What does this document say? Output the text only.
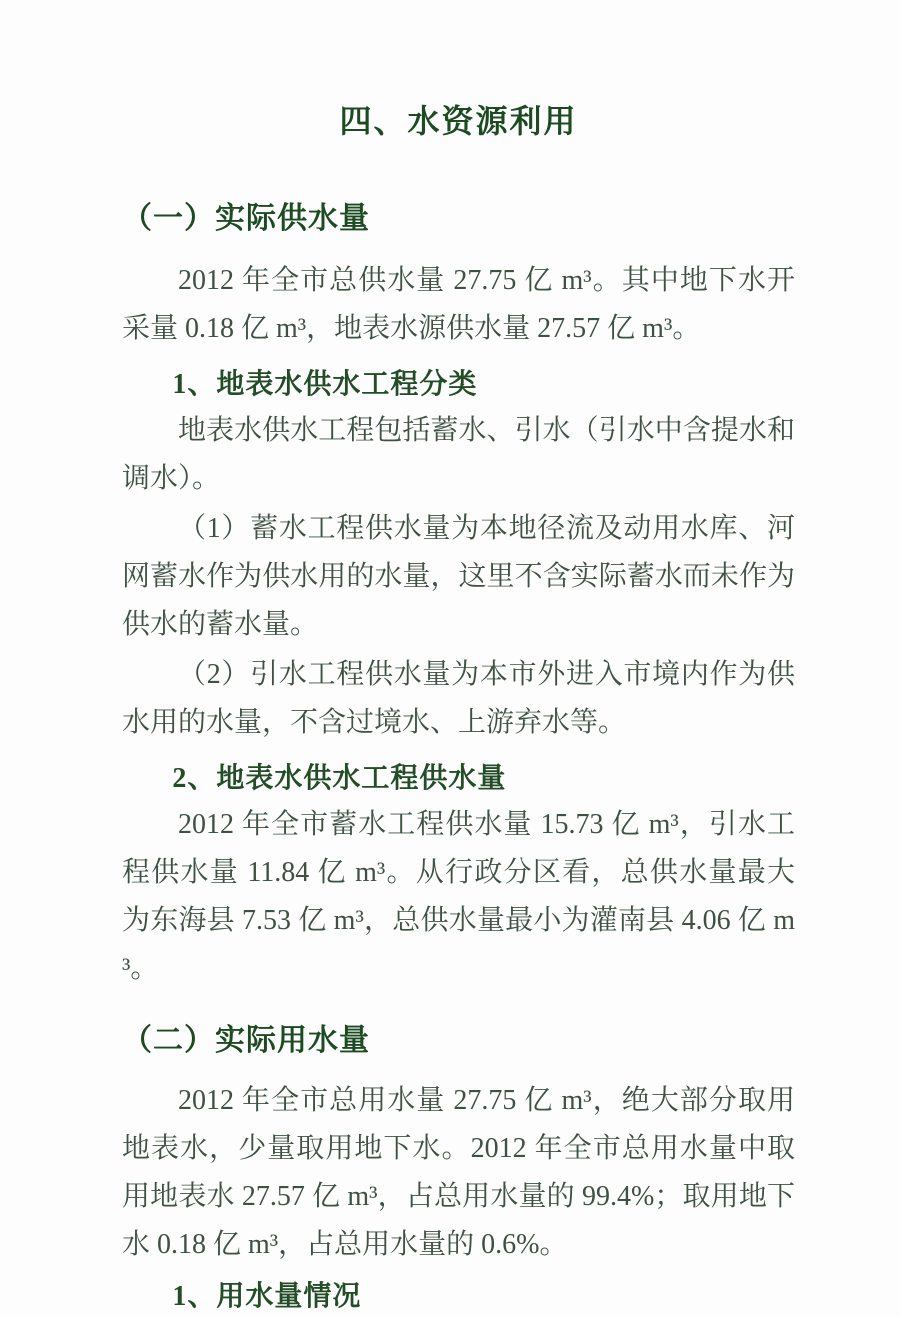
四、水资源利用
（一）实际供水量

2012 年全市总供水量 27.75 亿 m³。其中地下水开采量 0.18 亿 m³，地表水源供水量 27.57 亿 m³。

1、地表水供水工程分类

地表水供水工程包括蓄水、引水（引水中含提水和调水）。

（1）蓄水工程供水量为本地径流及动用水库、河网蓄水作为供水用的水量，这里不含实际蓄水而未作为供水的蓄水量。

（2）引水工程供水量为本市外进入市境内作为供水用的水量，不含过境水、上游弃水等。

2、地表水供水工程供水量

2012 年全市蓄水工程供水量 15.73 亿 m³，引水工程供水量 11.84 亿 m³。从行政分区看，总供水量最大为东海县 7.53 亿 m³，总供水量最小为灌南县 4.06 亿 m³。

（二）实际用水量

2012 年全市总用水量 27.75 亿 m³，绝大部分取用地表水，少量取用地下水。2012 年全市总用水量中取用地表水 27.57 亿 m³，占总用水量的 99.4%；取用地下水 0.18 亿 m³，占总用水量的 0.6%。

1、用水量情况
